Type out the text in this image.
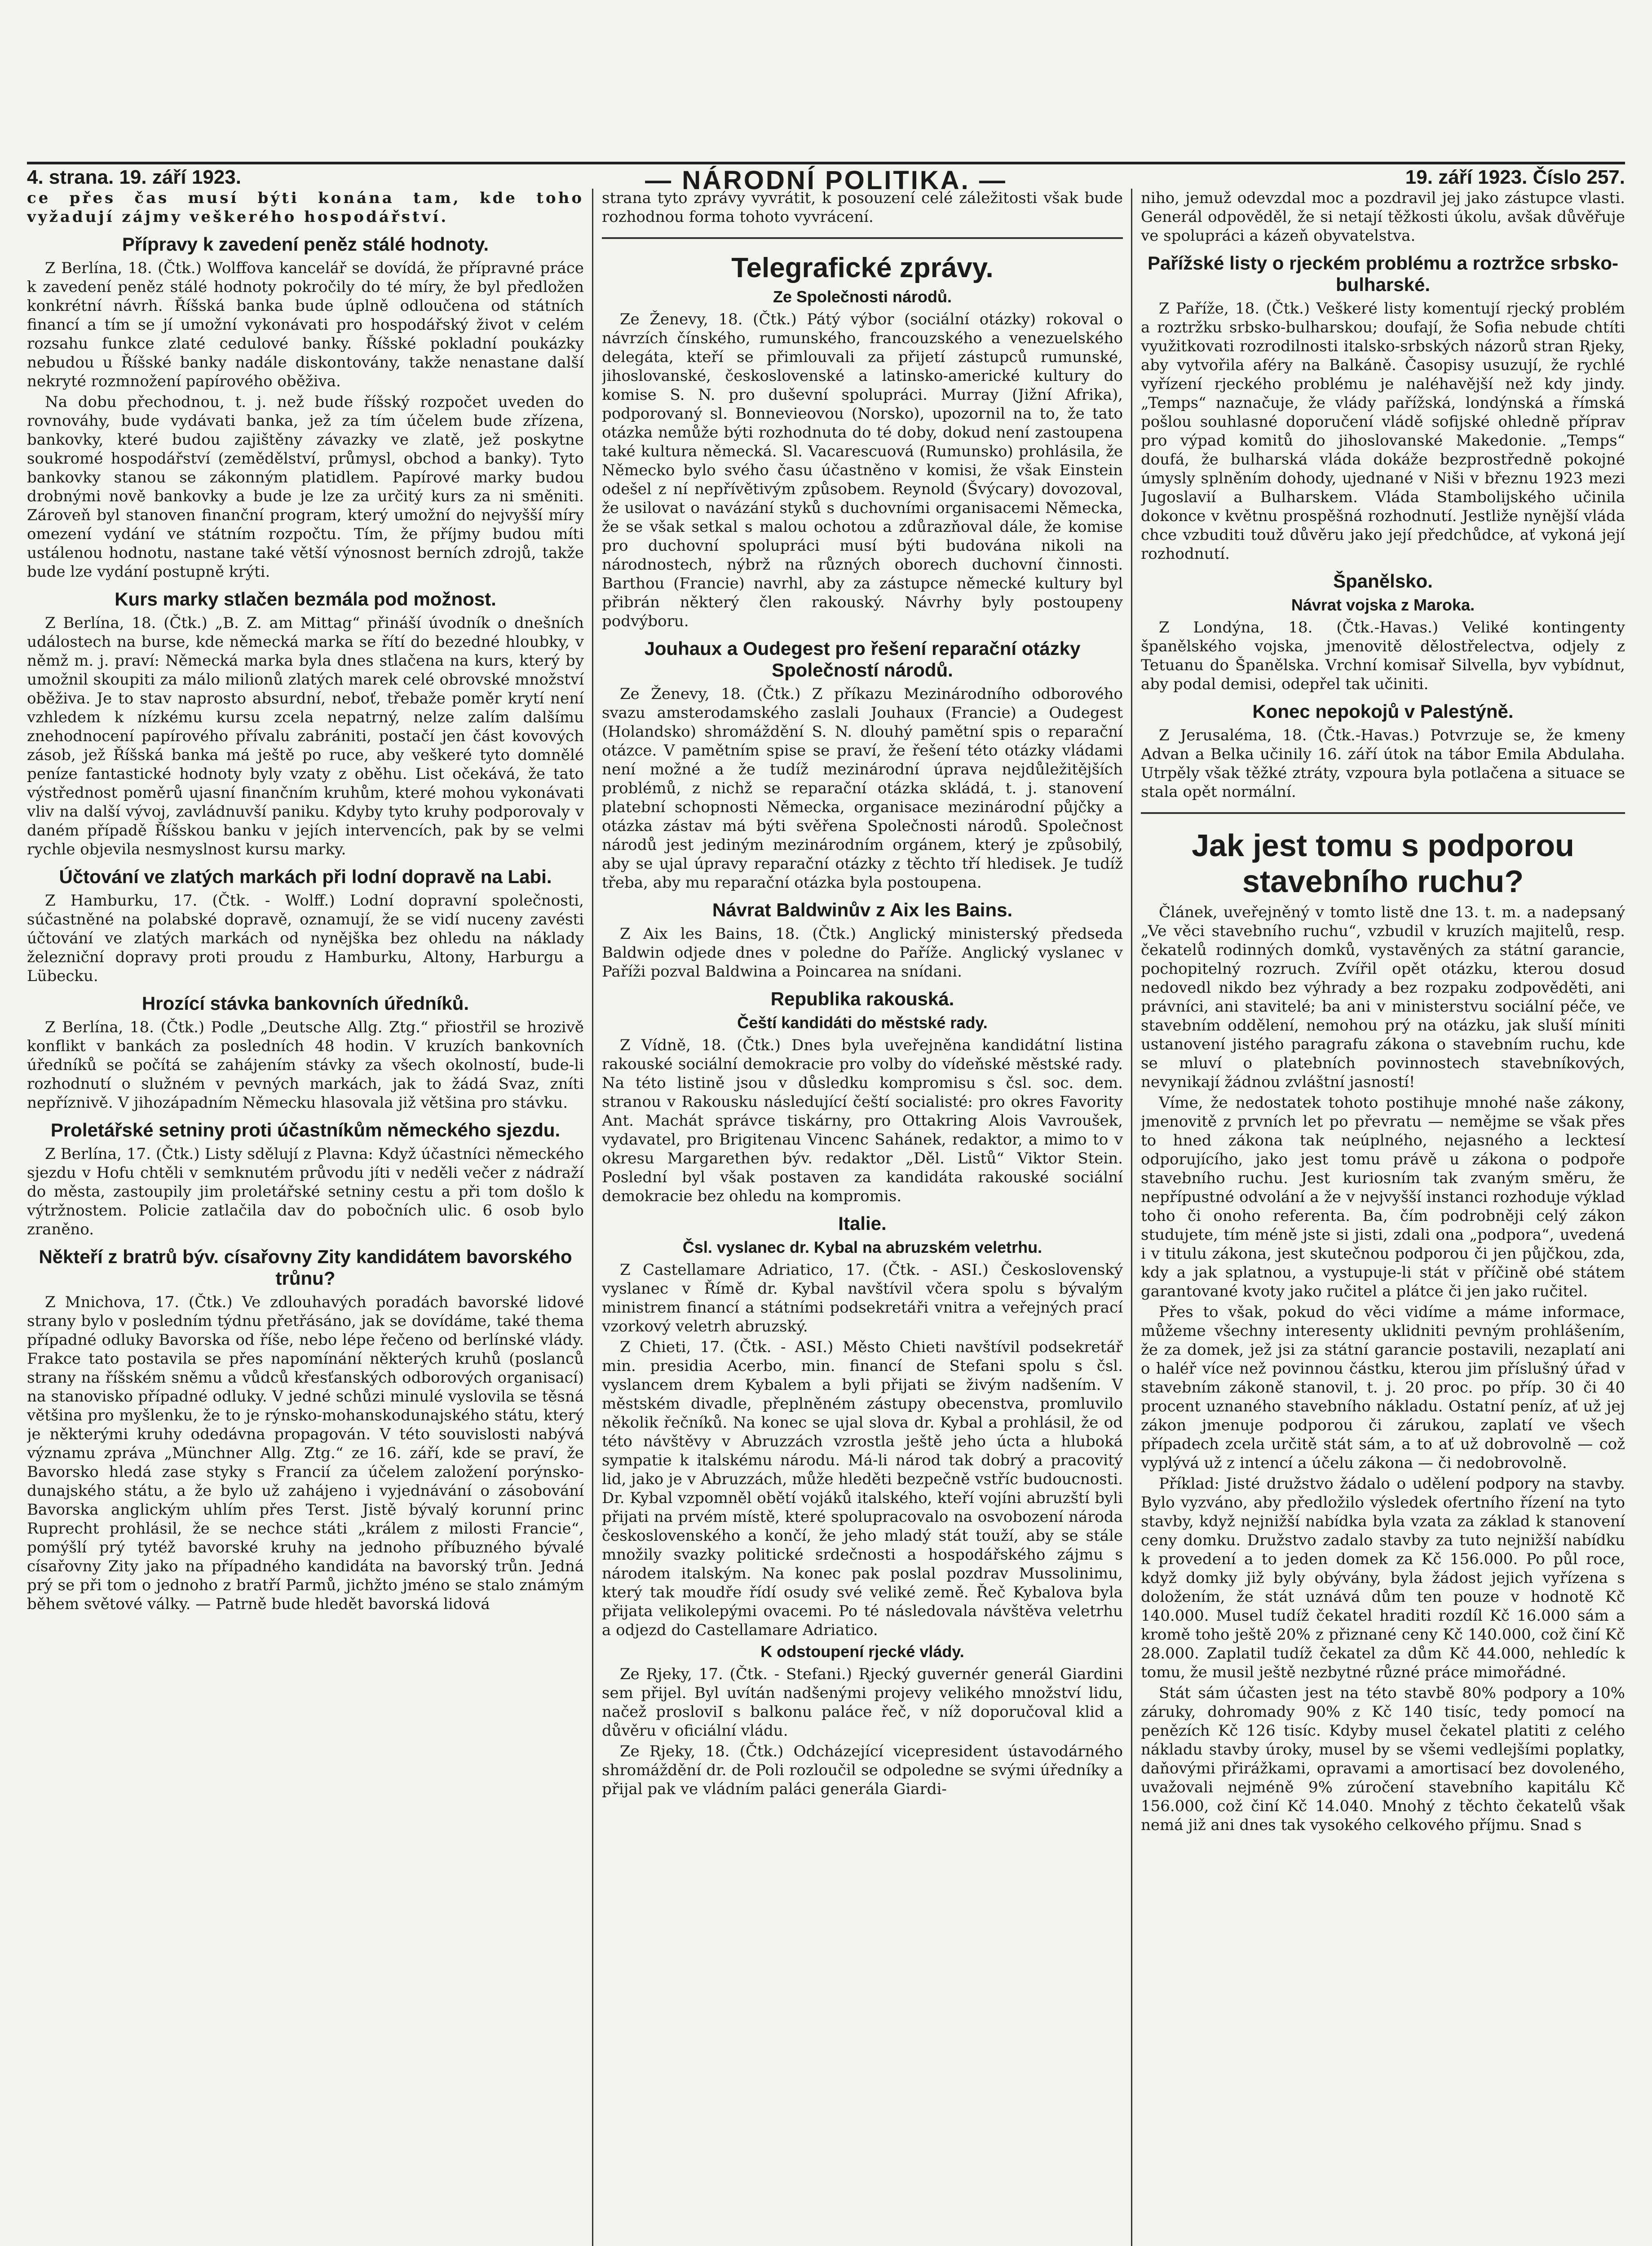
4. strana. 19. září 1923.	— NÁRODNÍ POLITIKA. —	19. září 1923. Číslo 257.

ce přes čas musí býti konána tam, kde toho vyžadují zájmy veškerého hospodářství.

Přípravy k zavedení peněz stálé hodnoty.

Z Berlína, 18. (Čtk.) Wolffova kancelář se dovídá, že přípravné práce k zavedení peněz stálé hodnoty pokročily do té míry, že byl předložen konkrétní návrh. Říšská banka bude úplně odloučena od státních financí a tím se jí umožní vykonávati pro hospodářský život v celém rozsahu funkce zlaté cedulové banky. Říšské pokladní poukázky nebudou u Říšské banky nadále diskontovány, takže nenastane další nekryté rozmnožení papírového oběživa.

Na dobu přechodnou, t. j. než bude říšský rozpočet uveden do rovnováhy, bude vydávati banka, jež za tím účelem bude zřízena, bankovky, které budou zajištěny závazky ve zlatě, jež poskytne soukromé hospodářství (zemědělství, průmysl, obchod a banky). Tyto bankovky stanou se zákonným platidlem. Papírové marky budou drobnými nově bankovky a bude je lze za určitý kurs za ni směniti. Zároveň byl stanoven finanční program, který umožní do nejvyšší míry omezení vydání ve státním rozpočtu. Tím, že příjmy budou míti ustálenou hodnotu, nastane také větší výnosnost berních zdrojů, takže bude lze vydání postupně krýti.

Kurs marky stlačen bezmála pod možnost.

Z Berlína, 18. (Čtk.) „B. Z. am Mittag“ přináší úvodník o dnešních událostech na burse, kde německá marka se řítí do bezedné hloubky, v němž m. j. praví: Německá marka byla dnes stlačena na kurs, který by umožnil skoupiti za málo milionů zlatých marek celé obrovské množství oběživa. Je to stav naprosto absurdní, neboť, třebaže poměr krytí není vzhledem k nízkému kursu zcela nepatrný, nelze zalím dalšímu znehodnocení papírového přívalu zabrániti, postačí jen část kovových zásob, jež Říšská banka má ještě po ruce, aby veškeré tyto domnělé peníze fantastické hodnoty byly vzaty z oběhu. List očekává, že tato výstřednost poměrů ujasní finančním kruhům, které mohou vykonávati vliv na další vývoj, zavládnuvší paniku. Kdyby tyto kruhy podporovaly v daném případě Říšskou banku v jejích intervencích, pak by se velmi rychle objevila nesmyslnost kursu marky.

Účtování ve zlatých markách při lodní dopravě na Labi.

Z Hamburku, 17. (Čtk. - Wolff.) Lodní dopravní společnosti, súčastněné na polabské dopravě, oznamují, že se vidí nuceny zavésti účtování ve zlatých markách od nynějška bez ohledu na náklady železniční dopravy proti proudu z Hamburku, Altony, Harburgu a Lübecku.

Hrozící stávka bankovních úředníků.

Z Berlína, 18. (Čtk.) Podle „Deutsche Allg. Ztg.“ přiostřil se hrozivě konflikt v bankách za posledních 48 hodin. V kruzích bankovních úředníků se počítá se zahájením stávky za všech okolností, bude-li rozhodnutí o služném v pevných markách, jak to žádá Svaz, zníti nepříznivě. V jihozápadním Německu hlasovala již většina pro stávku.

Proletářské setniny proti účastníkům německého sjezdu.

Z Berlína, 17. (Čtk.) Listy sdělují z Plavna: Když účastníci německého sjezdu v Hofu chtěli v semknutém průvodu jíti v neděli večer z nádraží do města, zastoupily jim proletářské setniny cestu a při tom došlo k výtržnostem. Policie zatlačila dav do pobočních ulic. 6 osob bylo zraněno.

Někteří z bratrů býv. císařovny Zity kandidátem bavorského trůnu?

Z Mnichova, 17. (Čtk.) Ve zdlouhavých poradách bavorské lidové strany bylo v posledním týdnu přetřásáno, jak se dovídáme, také thema případné odluky Bavorska od říše, nebo lépe řečeno od berlínské vlády. Frakce tato postavila se přes napomínání některých kruhů (poslanců strany na říšském sněmu a vůdců křesťanských odborových organisací) na stanovisko případné odluky. V jedné schůzi minulé vyslovila se těsná většina pro myšlenku, že to je rýnsko-mohanskodunajského státu, který je některými kruhy odedávna propagován. V této souvislosti nabývá významu zpráva „Münchner Allg. Ztg.“ ze 16. září, kde se praví, že Bavorsko hledá zase styky s Francií za účelem založení porýnsko-dunajského státu, a že bylo už zahájeno i vyjednávání o zásobování Bavorska anglickým uhlím přes Terst. Jistě bývalý korunní princ Ruprecht prohlásil, že se nechce státi „králem z milosti Francie“, pomýšlí prý tytéž bavorské kruhy na jednoho příbuzného bývalé císařovny Zity jako na případného kandidáta na bavorský trůn. Jedná prý se při tom o jednoho z bratří Parmů, jichžto jméno se stalo známým během světové války. — Patrně bude hledět bavorská lidová

strana tyto zprávy vyvrátit, k posouzení celé záležitosti však bude rozhodnou forma tohoto vyvrácení.

Telegrafické zprávy.
Ze Společnosti národů.

Ze Ženevy, 18. (Čtk.) Pátý výbor (sociální otázky) rokoval o návrzích čínského, rumunského, francouzského a venezuelského delegáta, kteří se přimlouvali za přijetí zástupců rumunské, jihoslovanské, československé a latinsko-americké kultury do komise S. N. pro duševní spolupráci. Murray (Jižní Afrika), podporovaný sl. Bonnevieovou (Norsko), upozornil na to, že tato otázka nemůže býti rozhodnuta do té doby, dokud není zastoupena také kultura německá. Sl. Vacarescuová (Rumunsko) prohlásila, že Německo bylo svého času účastněno v komisi, že však Einstein odešel z ní nepřívětivým způsobem. Reynold (Švýcary) dovozoval, že usilovat o navázání styků s duchovními organisacemi Německa, že se však setkal s malou ochotou a zdůrazňoval dále, že komise pro duchovní spolupráci musí býti budována nikoli na národnostech, nýbrž na různých oborech duchovní činnosti. Barthou (Francie) navrhl, aby za zástupce německé kultury byl přibrán některý člen rakouský. Návrhy byly postoupeny podvýboru.

Jouhaux a Oudegest pro řešení reparační otázky Společností národů.

Ze Ženevy, 18. (Čtk.) Z příkazu Mezinárodního odborového svazu amsterodamského zaslali Jouhaux (Francie) a Oudegest (Holandsko) shromáždění S. N. dlouhý pamětní spis o reparační otázce. V pamětním spise se praví, že řešení této otázky vládami není možné a že tudíž mezinárodní úprava nejdůležitějších problémů, z nichž se reparační otázka skládá, t. j. stanovení platební schopnosti Německa, organisace mezinárodní půjčky a otázka zástav má býti svěřena Společnosti národů. Společnost národů jest jediným mezinárodním orgánem, který je způsobilý, aby se ujal úpravy reparační otázky z těchto tří hledisek. Je tudíž třeba, aby mu reparační otázka byla postoupena.

Návrat Baldwinův z Aix les Bains.

Z Aix les Bains, 18. (Čtk.) Anglický ministerský předseda Baldwin odjede dnes v poledne do Paříže. Anglický vyslanec v Paříži pozval Baldwina a Poincarea na snídani.

Republika rakouská.
Čeští kandidáti do městské rady.

Z Vídně, 18. (Čtk.) Dnes byla uveřejněna kandidátní listina rakouské sociální demokracie pro volby do vídeňské městské rady. Na této listině jsou v důsledku kompromisu s čsl. soc. dem. stranou v Rakousku následující čeští socialisté: pro okres Favority Ant. Machát správce tiskárny, pro Ottakring Alois Vavroušek, vydavatel, pro Brigitenau Vincenc Sahánek, redaktor, a mimo to v okresu Margarethen býv. redaktor „Děl. Listů“ Viktor Stein. Poslední byl však postaven za kandidáta rakouské sociální demokracie bez ohledu na kompromis.

Italie.
Čsl. vyslanec dr. Kybal na abruzském veletrhu.

Z Castellamare Adriatico, 17. (Čtk. - ASI.) Československý vyslanec v Římě dr. Kybal navštívil včera spolu s bývalým ministrem financí a státními podsekretáři vnitra a veřejných prací vzorkový veletrh abruzský.

Z Chieti, 17. (Čtk. - ASI.) Město Chieti navštívil podsekretář min. presidia Acerbo, min. financí de Stefani spolu s čsl. vyslancem drem Kybalem a byli přijati se živým nadšením. V městském divadle, přeplněném zástupy obecenstva, promluvilo několik řečníků. Na konec se ujal slova dr. Kybal a prohlásil, že od této návštěvy v Abruzzách vzrostla ještě jeho úcta a hluboká sympatie k italskému národu. Má-li národ tak dobrý a pracovitý lid, jako je v Abruzzách, může hleděti bezpečně vstříc budoucnosti. Dr. Kybal vzpomněl obětí vojáků italského, kteří vojíni abruzští byli přijati na prvém místě, které spolupracovalo na osvobození národa československého a končí, že jeho mladý stát touží, aby se stále množily svazky politické srdečnosti a hospodářského zájmu s národem italským. Na konec pak poslal pozdrav Mussolinimu, který tak moudře řídí osudy své veliké země. Řeč Kybalova byla přijata velikolepými ovacemi. Po té následovala návštěva veletrhu a odjezd do Castellamare Adriatico.

K odstoupení rjecké vlády.

Ze Rjeky, 17. (Čtk. - Stefani.) Rjecký guvernér generál Giardini sem přijel. Byl uvítán nadšenými projevy velikého množství lidu, načež prosloviI s balkonu paláce řeč, v níž doporučoval klid a důvěru v oficiální vládu.

Ze Rjeky, 18. (Čtk.) Odcházející vicepresident ústavodárného shromáždění dr. de Poli rozloučil se odpoledne se svými úředníky a přijal pak ve vládním paláci generála Giardi-

niho, jemuž odevzdal moc a pozdravil jej jako zástupce vlasti. Generál odpověděl, že si netají těžkosti úkolu, avšak důvěřuje ve spolupráci a kázeň obyvatelstva.

Pařížské listy o rjeckém problému a roztržce srbsko-bulharské.

Z Paříže, 18. (Čtk.) Veškeré listy komentují rjecký problém a roztržku srbsko-bulharskou; doufají, že Sofia nebude chtíti využitkovati rozrodilnosti italsko-srbských názorů stran Rjeky, aby vytvořila aféry na Balkáně. Časopisy usuzují, že rychlé vyřízení rjeckého problému je naléhavější než kdy jindy. „Temps“ naznačuje, že vlády pařížská, londýnská a římská pošlou souhlasné doporučení vládě sofijské ohledně příprav pro výpad komitů do jihoslovanské Makedonie. „Temps“ doufá, že bulharská vláda dokáže bezprostředně pokojné úmysly splněním dohody, ujednané v Niši v březnu 1923 mezi Jugoslavií a Bulharskem. Vláda Stambolijského učinila dokonce v květnu prospěšná rozhodnutí. Jestliže nynější vláda chce vzbuditi touž důvěru jako její předchůdce, ať vykoná její rozhodnutí.

Španělsko.
Návrat vojska z Maroka.

Z Londýna, 18. (Čtk.-Havas.) Veliké kontingenty španělského vojska, jmenovitě dělostřelectva, odjely z Tetuanu do Španělska. Vrchní komisař Silvella, byv vybídnut, aby podal demisi, odepřel tak učiniti.

Konec nepokojů v Palestýně.

Z Jerusaléma, 18. (Čtk.-Havas.) Potvrzuje se, že kmeny Advan a Belka učinily 16. září útok na tábor Emila Abdulaha. Utrpěly však těžké ztráty, vzpoura byla potlačena a situace se stala opět normální.

Jak jest tomu s podporou stavebního ruchu?

Článek, uveřejněný v tomto listě dne 13. t. m. a nadepsaný „Ve věci stavebního ruchu“, vzbudil v kruzích majitelů, resp. čekatelů rodinných domků, vystavěných za státní garancie, pochopitelný rozruch. Zvířil opět otázku, kterou dosud nedovedl nikdo bez výhrady a bez rozpaku zodpověděti, ani právníci, ani stavitelé; ba ani v ministerstvu sociální péče, ve stavebním oddělení, nemohou prý na otázku, jak sluší míniti ustanovení jistého paragrafu zákona o stavebním ruchu, kde se mluví o platebních povinnostech stavebníkových, nevynikají žádnou zvláštní jasností!

Víme, že nedostatek tohoto postihuje mnohé naše zákony, jmenovitě z prvních let po převratu — nemějme se však přes to hned zákona tak neúplného, nejasného a lecktesí odporujícího, jako jest tomu právě u zákona o podpoře stavebního ruchu. Jest kuriosním tak zvaným směru, že nepřípustné odvolání a že v nejvyšší instanci rozhoduje výklad toho či onoho referenta. Ba, čím podrobněji celý zákon studujete, tím méně jste si jisti, zdali ona „podpora“, uvedená i v titulu zákona, jest skutečnou podporou či jen půjčkou, zda, kdy a jak splatnou, a vystupuje-li stát v příčině obé státem garantované kvoty jako ručitel a plátce či jen jako ručitel.

Přes to však, pokud do věci vidíme a máme informace, můžeme všechny interesenty uklidniti pevným prohlášením, že za domek, jež jsi za státní garancie postavili, nezaplatí ani o haléř více než povinnou částku, kterou jim příslušný úřad v stavebním zákoně stanovil, t. j. 20 proc. po příp. 30 či 40 procent uznaného stavebního nákladu. Ostatní peníz, ať už jej zákon jmenuje podporou či zárukou, zaplatí ve všech případech zcela určitě stát sám, a to ať už dobrovolně — což vyplývá už z intencí a účelu zákona — či nedobrovolně.

Příklad: Jisté družstvo žádalo o udělení podpory na stavby. Bylo vyzváno, aby předložilo výsledek ofertního řízení na tyto stavby, když nejnižší nabídka byla vzata za základ k stanovení ceny domku. Družstvo zadalo stavby za tuto nejnižší nabídku k provedení a to jeden domek za Kč 156.000. Po půl roce, když domky již byly obývány, byla žádost jejich vyřízena s doložením, že stát uznává dům ten pouze v hodnotě Kč 140.000. Musel tudíž čekatel hraditi rozdíl Kč 16.000 sám a kromě toho ještě 20% z přiznané ceny Kč 140.000, což činí Kč 28.000. Zaplatil tudíž čekatel za dům Kč 44.000, nehledíc k tomu, že musil ještě nezbytné různé práce mimořádné.

Stát sám účasten jest na této stavbě 80% podpory a 10% záruky, dohromady 90% z Kč 140 tisíc, tedy pomocí na penězích Kč 126 tisíc. Kdyby musel čekatel platiti z celého nákladu stavby úroky, musel by se všemi vedlejšími poplatky, daňovými přirážkami, opravami a amortisací bez dovoleného, uvažovali nejméně 9% zúročení stavebního kapitálu Kč 156.000, což činí Kč 14.040. Mnohý z těchto čekatelů však nemá již ani dnes tak vysokého celkového příjmu. Snad s
